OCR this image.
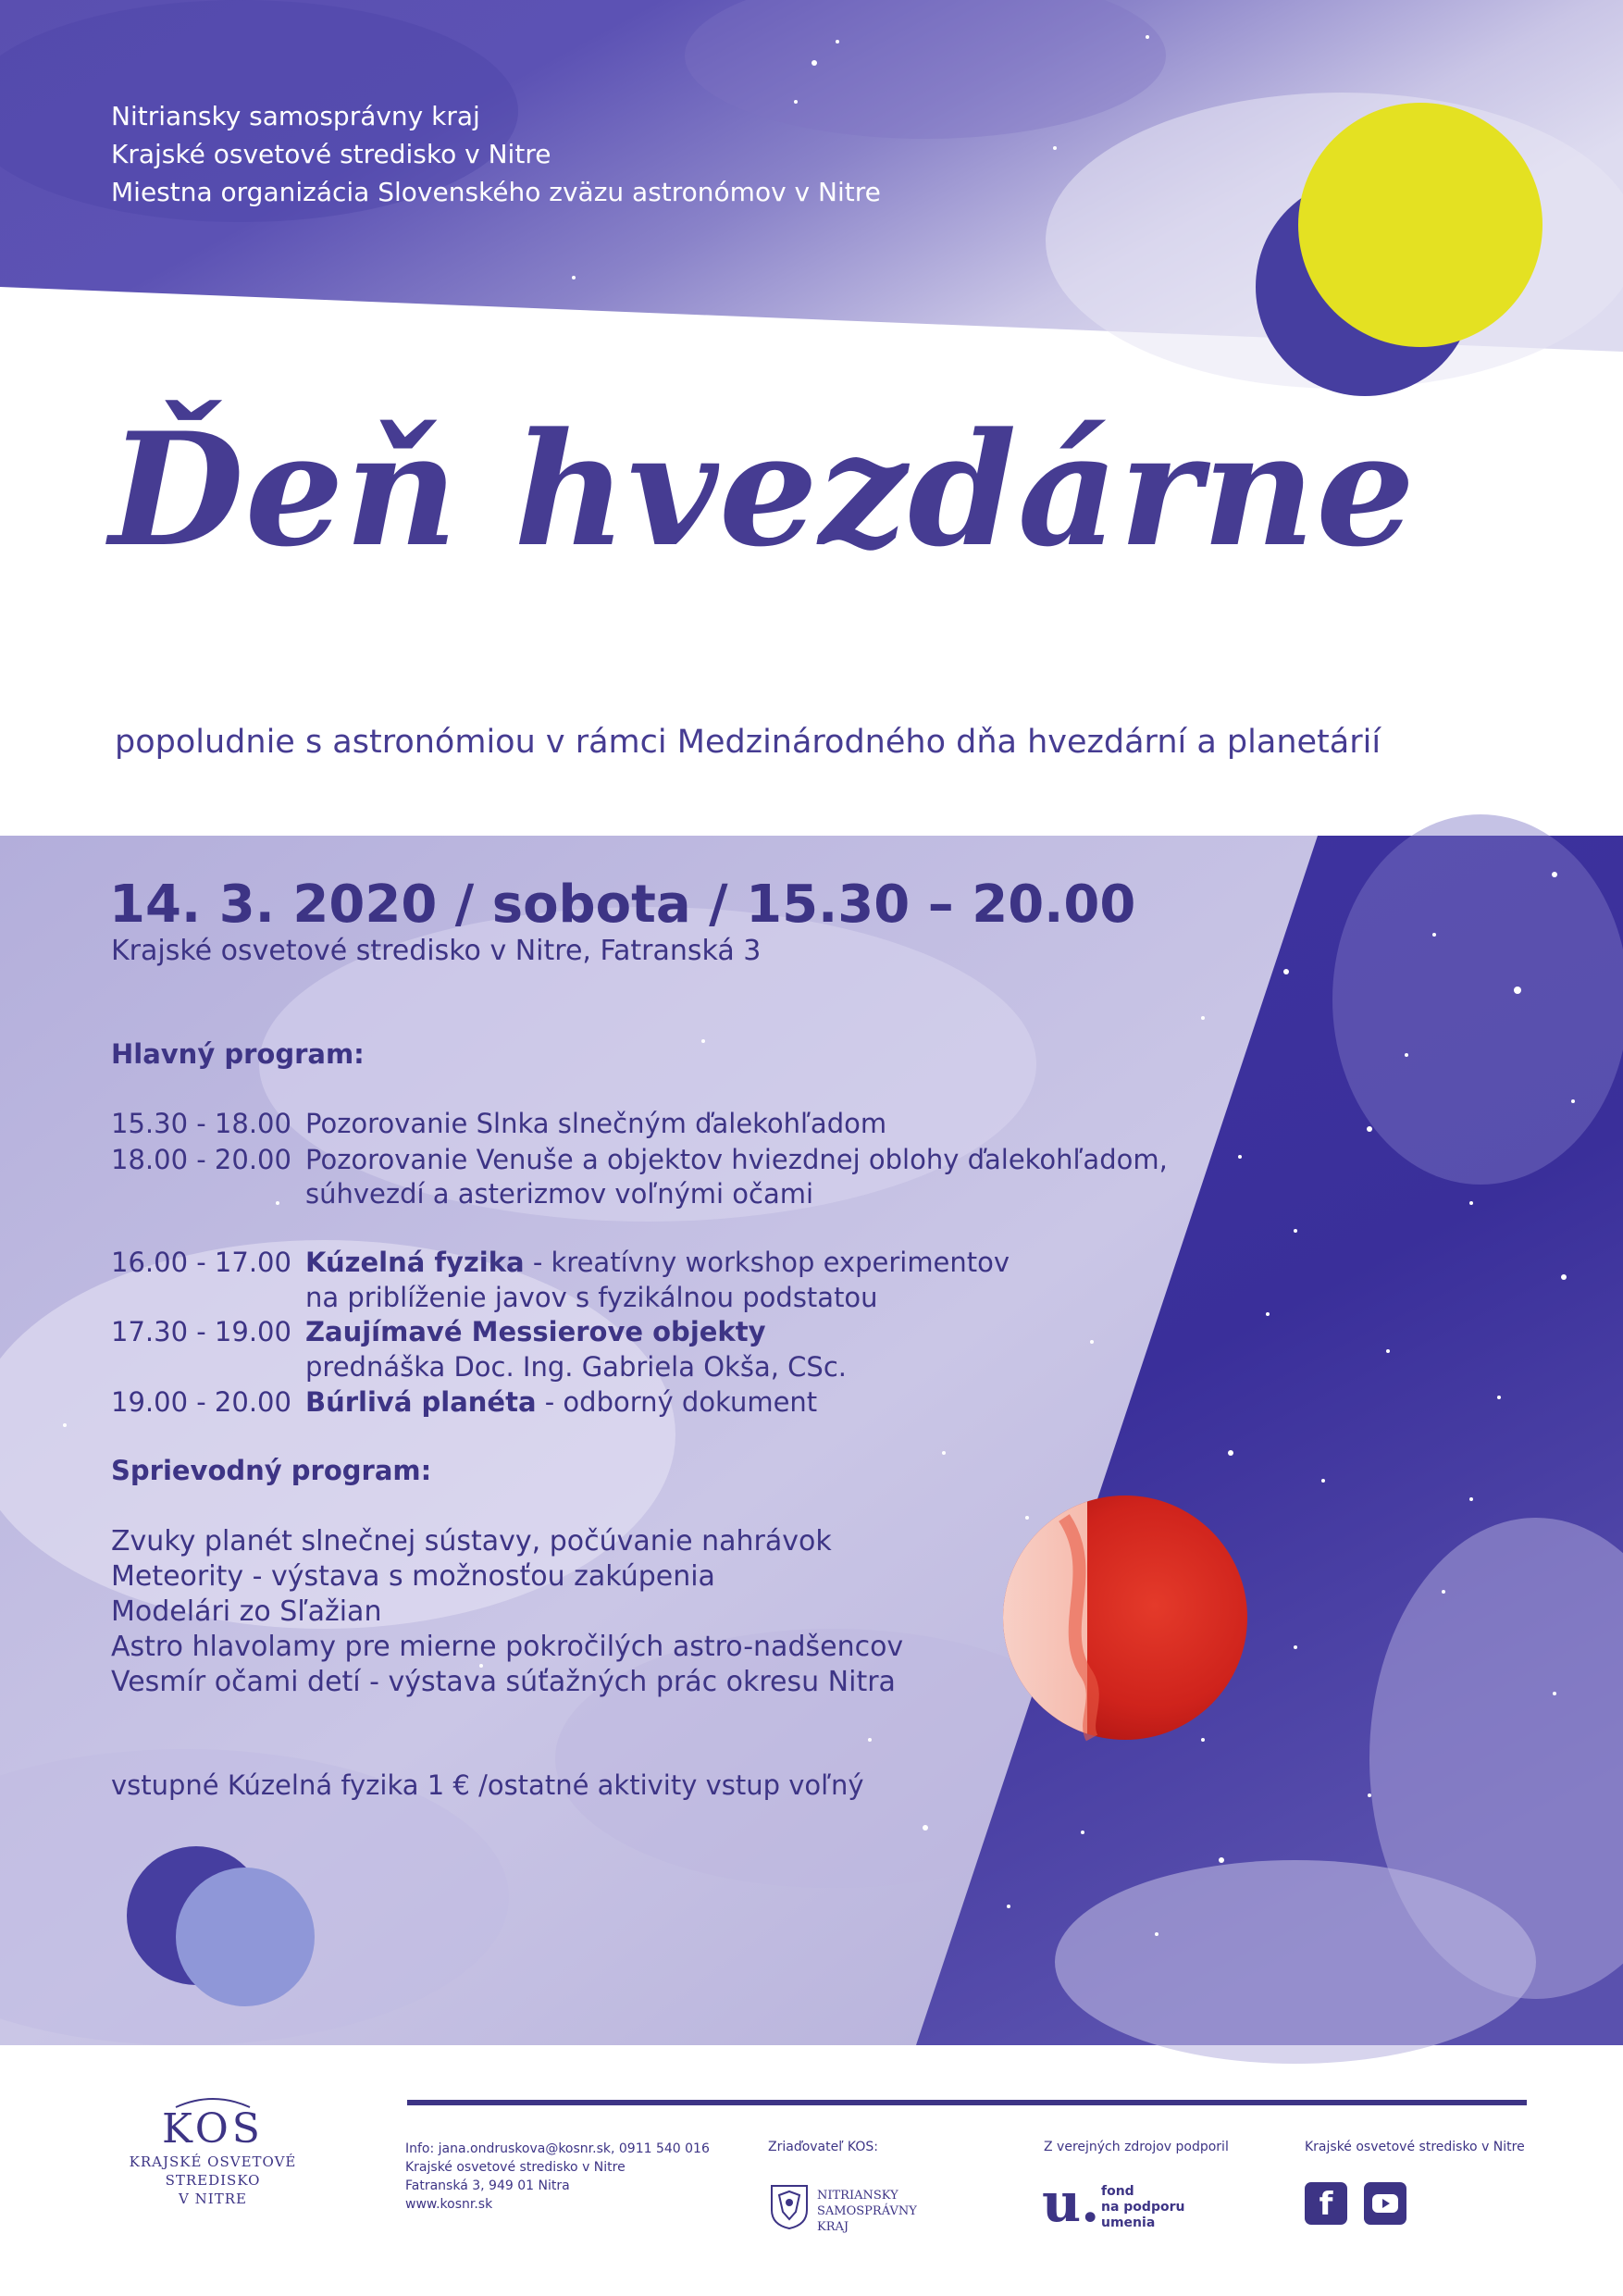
Nitriansky samosprávny kraj
Krajské osvetové stredisko v Nitre
Miestna organizácia Slovenského zväzu astronómov v Nitre
Ďeň hvezdárne
popoludnie s astronómiou v rámci Medzinárodného dňa hvezdární a planetárií
14. 3. 2020 / sobota / 15.30 – 20.00
Krajské osvetové stredisko v Nitre, Fatranská 3
Hlavný program:
15.30 - 18.00 Pozorovanie Slnka slnečným ďalekohľadom
18.00 - 20.00 Pozorovanie Venuše a objektov hviezdnej oblohy ďalekohľadom,
súhvezdí a asterizmov voľnými očami
16.00 - 17.00 Kúzelná fyzika - kreatívny workshop experimentov
na priblíženie javov s fyzikálnou podstatou
17.30 - 19.00 Zaujímavé Messierove objekty
prednáška Doc. Ing. Gabriela Okša, CSc.
19.00 - 20.00 Búrlivá planéta - odborný dokument
Sprievodný program:
Zvuky planét slnečnej sústavy, počúvanie nahrávok
Meteority - výstava s možnosťou zakúpenia
Modelári zo Sľažian
Astro hlavolamy pre mierne pokročilých astro-nadšencov
Vesmír očami detí - výstava súťažných prác okresu Nitra
vstupné Kúzelná fyzika 1 € /ostatné aktivity vstup voľný
KOS
KRAJSKÉ OSVETOVÉ STREDISKO
V NITRE
Info: jana.ondruskova@kosnr.sk, 0911 540 016
Krajské osvetové stredisko v Nitre
Fatranská 3, 949 01 Nitra
www.kosnr.sk
Zriaďovateľ KOS:
NITRIANSKY
SAMOSPRÁVNY
KRAJ
Z verejných zdrojov podporil
u. fond
na podporu
umenia
Krajské osvetové stredisko v Nitre
f
